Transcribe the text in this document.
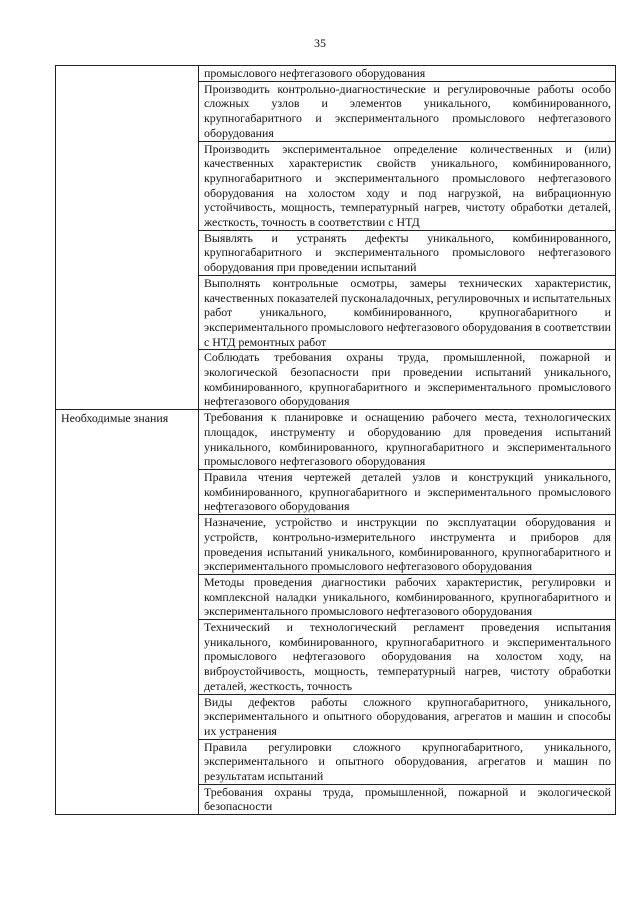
35
	промыслового нефтегазового оборудования
	Производить контрольно-диагностические и регулировочные работы особо сложных узлов и элементов уникального, комбинированного, крупногабаритного и экспериментального промыслового нефтегазового оборудования
	Производить экспериментальное определение количественных и (или) качественных характеристик свойств уникального, комбинированного, крупногабаритного и экспериментального промыслового нефтегазового оборудования на холостом ходу и под нагрузкой, на вибрационную устойчивость, мощность, температурный нагрев, чистоту обработки деталей, жесткость, точность в соответствии с НТД
	Выявлять и устранять дефекты уникального, комбинированного, крупногабаритного и экспериментального промыслового нефтегазового оборудования при проведении испытаний
	Выполнять контрольные осмотры, замеры технических характеристик, качественных показателей пусконаладочных, регулировочных и испытательных работ уникального, комбинированного, крупногабаритного и экспериментального промыслового нефтегазового оборудования в соответствии с НТД ремонтных работ
	Соблюдать требования охраны труда, промышленной, пожарной и экологической безопасности при проведении испытаний уникального, комбинированного, крупногабаритного и экспериментального промыслового нефтегазового оборудования
Необходимые знания	Требования к планировке и оснащению рабочего места, технологических площадок, инструменту и оборудованию для проведения испытаний уникального, комбинированного, крупногабаритного и экспериментального промыслового нефтегазового оборудования
	Правила чтения чертежей деталей узлов и конструкций уникального, комбинированного, крупногабаритного и экспериментального промыслового нефтегазового оборудования
	Назначение, устройство и инструкции по эксплуатации оборудования и устройств, контрольно-измерительного инструмента и приборов для проведения испытаний уникального, комбинированного, крупногабаритного и экспериментального промыслового нефтегазового оборудования
	Методы проведения диагностики рабочих характеристик, регулировки и комплексной наладки уникального, комбинированного, крупногабаритного и экспериментального промыслового нефтегазового оборудования
	Технический и технологический регламент проведения испытания уникального, комбинированного, крупногабаритного и экспериментального промыслового нефтегазового оборудования на холостом ходу, на виброустойчивость, мощность, температурный нагрев, чистоту обработки деталей, жесткость, точность
	Виды дефектов работы сложного крупногабаритного, уникального, экспериментального и опытного оборудования, агрегатов и машин и способы их устранения
	Правила регулировки сложного крупногабаритного, уникального, экспериментального и опытного оборудования, агрегатов и машин по результатам испытаний
	Требования охраны труда, промышленной, пожарной и экологической безопасности
